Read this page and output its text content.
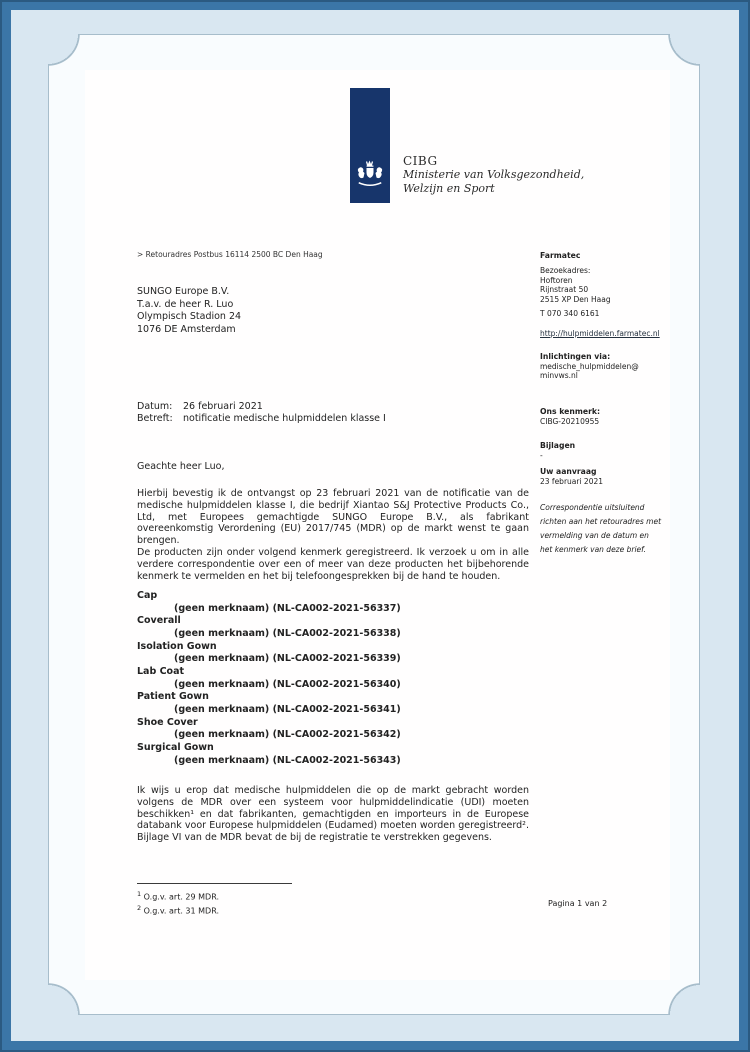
CIBG
Ministerie van Volksgezondheid,
Welzijn en Sport
> Retouradres Postbus 16114 2500 BC Den Haag
SUNGO Europe B.V.
T.a.v. de heer R. Luo
Olympisch Stadion 24
1076 DE Amsterdam
Datum:	26 februari 2021
Betreft:	notificatie medische hulpmiddelen klasse I
Geachte heer Luo,
Hierbij bevestig ik de ontvangst op 23 februari 2021 van de notificatie van de medische hulpmiddelen klasse I, die bedrijf Xiantao S&J Protective Products Co., Ltd, met Europees gemachtigde SUNGO Europe B.V., als fabrikant overeenkomstig Verordening (EU) 2017/745 (MDR) op de markt wenst te gaan brengen.
De producten zijn onder volgend kenmerk geregistreerd. Ik verzoek u om in alle verdere correspondentie over een of meer van deze producten het bijbehorende kenmerk te vermelden en het bij telefoongesprekken bij de hand te houden.
Cap
(geen merknaam) (NL-CA002-2021-56337)
Coverall
(geen merknaam) (NL-CA002-2021-56338)
Isolation Gown
(geen merknaam) (NL-CA002-2021-56339)
Lab Coat
(geen merknaam) (NL-CA002-2021-56340)
Patient Gown
(geen merknaam) (NL-CA002-2021-56341)
Shoe Cover
(geen merknaam) (NL-CA002-2021-56342)
Surgical Gown
(geen merknaam) (NL-CA002-2021-56343)
Ik wijs u erop dat medische hulpmiddelen die op de markt gebracht worden volgens de MDR over een systeem voor hulpmiddelindicatie (UDI) moeten beschikken¹ en dat fabrikanten, gemachtigden en importeurs in de Europese databank voor Europese hulpmiddelen (Eudamed) moeten worden geregistreerd². Bijlage VI van de MDR bevat de bij de registratie te verstrekken gegevens.
$^1$ O.g.v. art. 29 MDR.
$^2$ O.g.v. art. 31 MDR.
Pagina 1 van 2
Farmatec
Bezoekadres:
Hoftoren
Rijnstraat 50
2515 XP Den Haag
T 070 340 6161
http://hulpmiddelen.farmatec.nl
Inlichtingen via:
medische_hulpmiddelen@
minvws.nl
Ons kenmerk:
CIBG-20210955
Bijlagen
-
Uw aanvraag
23 februari 2021
Correspondentie uitsluitend richten aan het retouradres met vermelding van de datum en het kenmerk van deze brief.
